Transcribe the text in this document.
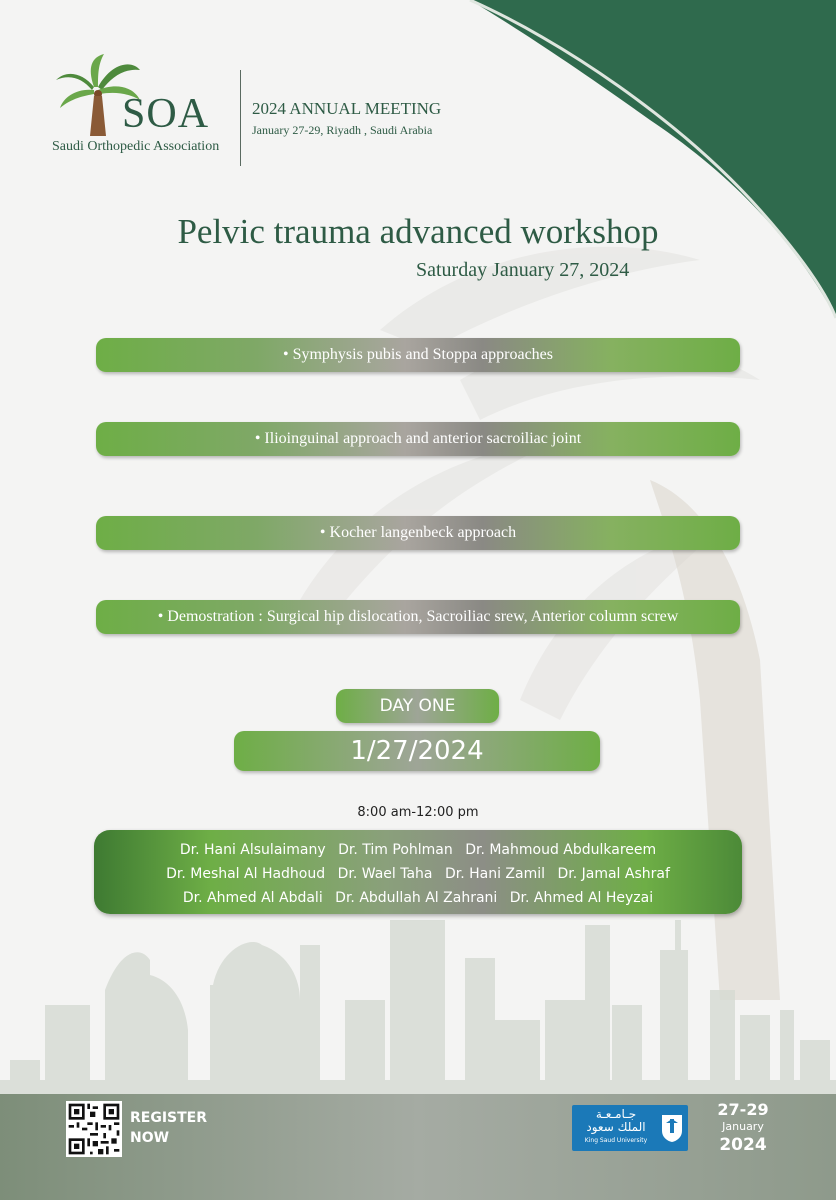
SOA
Saudi Orthopedic Association
2024 ANNUAL MEETING
January 27-29, Riyadh , Saudi Arabia
Pelvic trauma advanced workshop
Saturday January 27, 2024
• Symphysis pubis and Stoppa approaches
• Ilioinguinal approach and anterior sacroiliac joint
• Kocher langenbeck approach
• Demostration : Surgical hip dislocation, Sacroiliac srew, Anterior column screw
DAY ONE
1/27/2024
8:00 am-12:00 pm
Dr. Hani Alsulaimany Dr. Tim Pohlman Dr. Mahmoud Abdulkareem
Dr. Meshal Al Hadhoud Dr. Wael Taha Dr. Hani Zamil Dr. Jamal Ashraf
Dr. Ahmed Al Abdali Dr. Abdullah Al Zahrani Dr. Ahmed Al Heyzai
REGISTER
NOW
جـامـعـة
الملك سعود
King Saud University
27-29
January
2024
